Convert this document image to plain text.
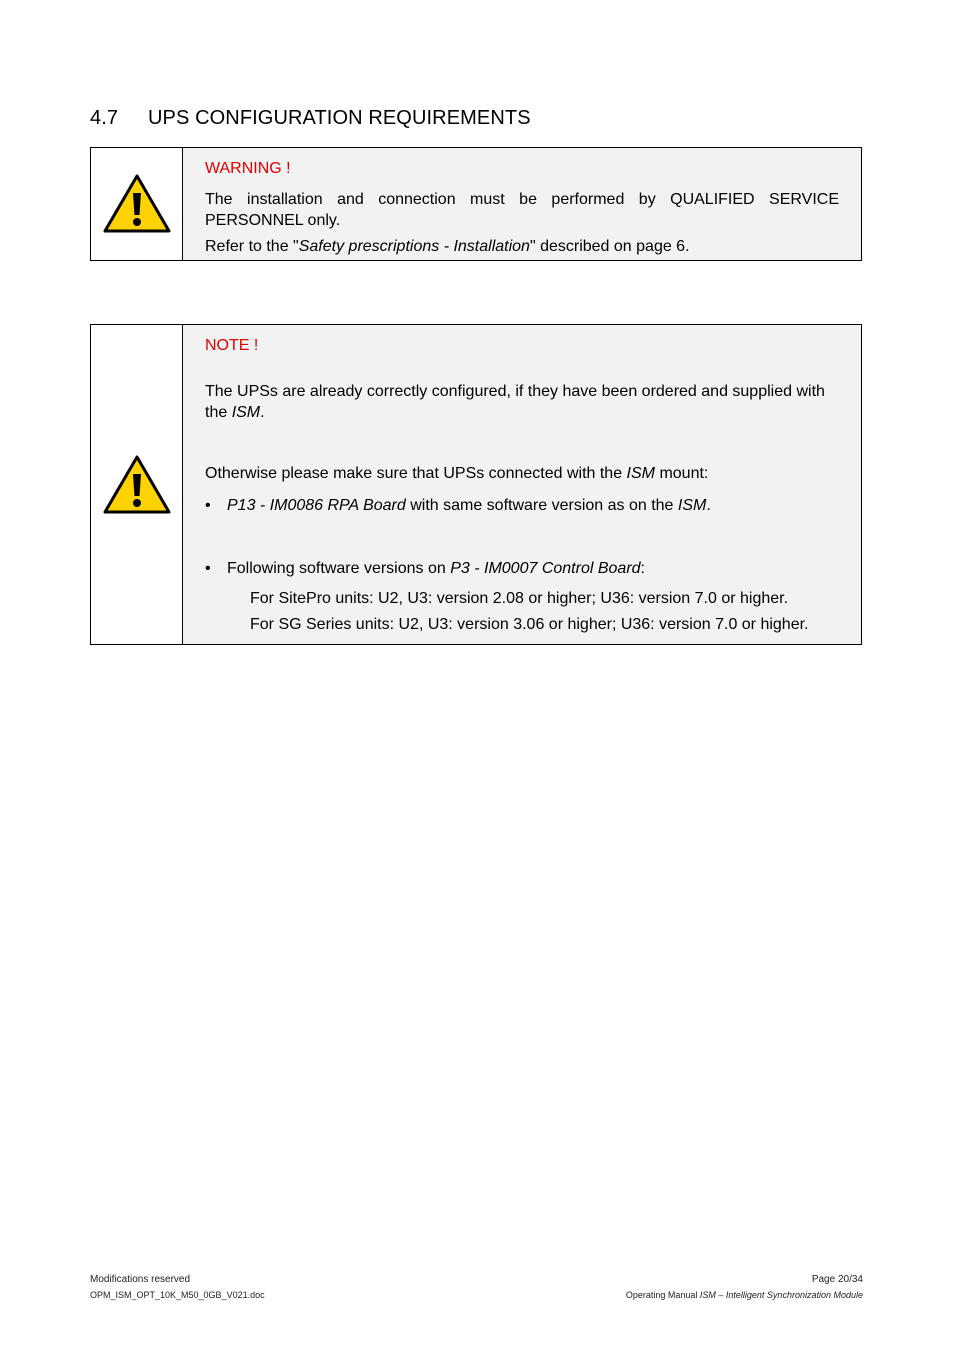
4.7 UPS CONFIGURATION REQUIREMENTS

WARNING !

The installation and connection must be performed by QUALIFIED SERVICE PERSONNEL only.

Refer to the "Safety prescriptions - Installation" described on page 6.

NOTE !

The UPSs are already correctly configured, if they have been ordered and supplied with the ISM.

Otherwise please make sure that UPSs connected with the ISM mount:

•	P13 - IM0086 RPA Board with same software version as on the ISM.
•	Following software versions on P3 - IM0007 Control Board:

For SitePro units: U2, U3: version 2.08 or higher; U36: version 7.0 or higher.

For SG Series units: U2, U3: version 3.06 or higher; U36: version 7.0 or higher.

Modifications reserved	Page 20/34
OPM_ISM_OPT_10K_M50_0GB_V021.doc	Operating Manual ISM – Intelligent Synchronization Module
